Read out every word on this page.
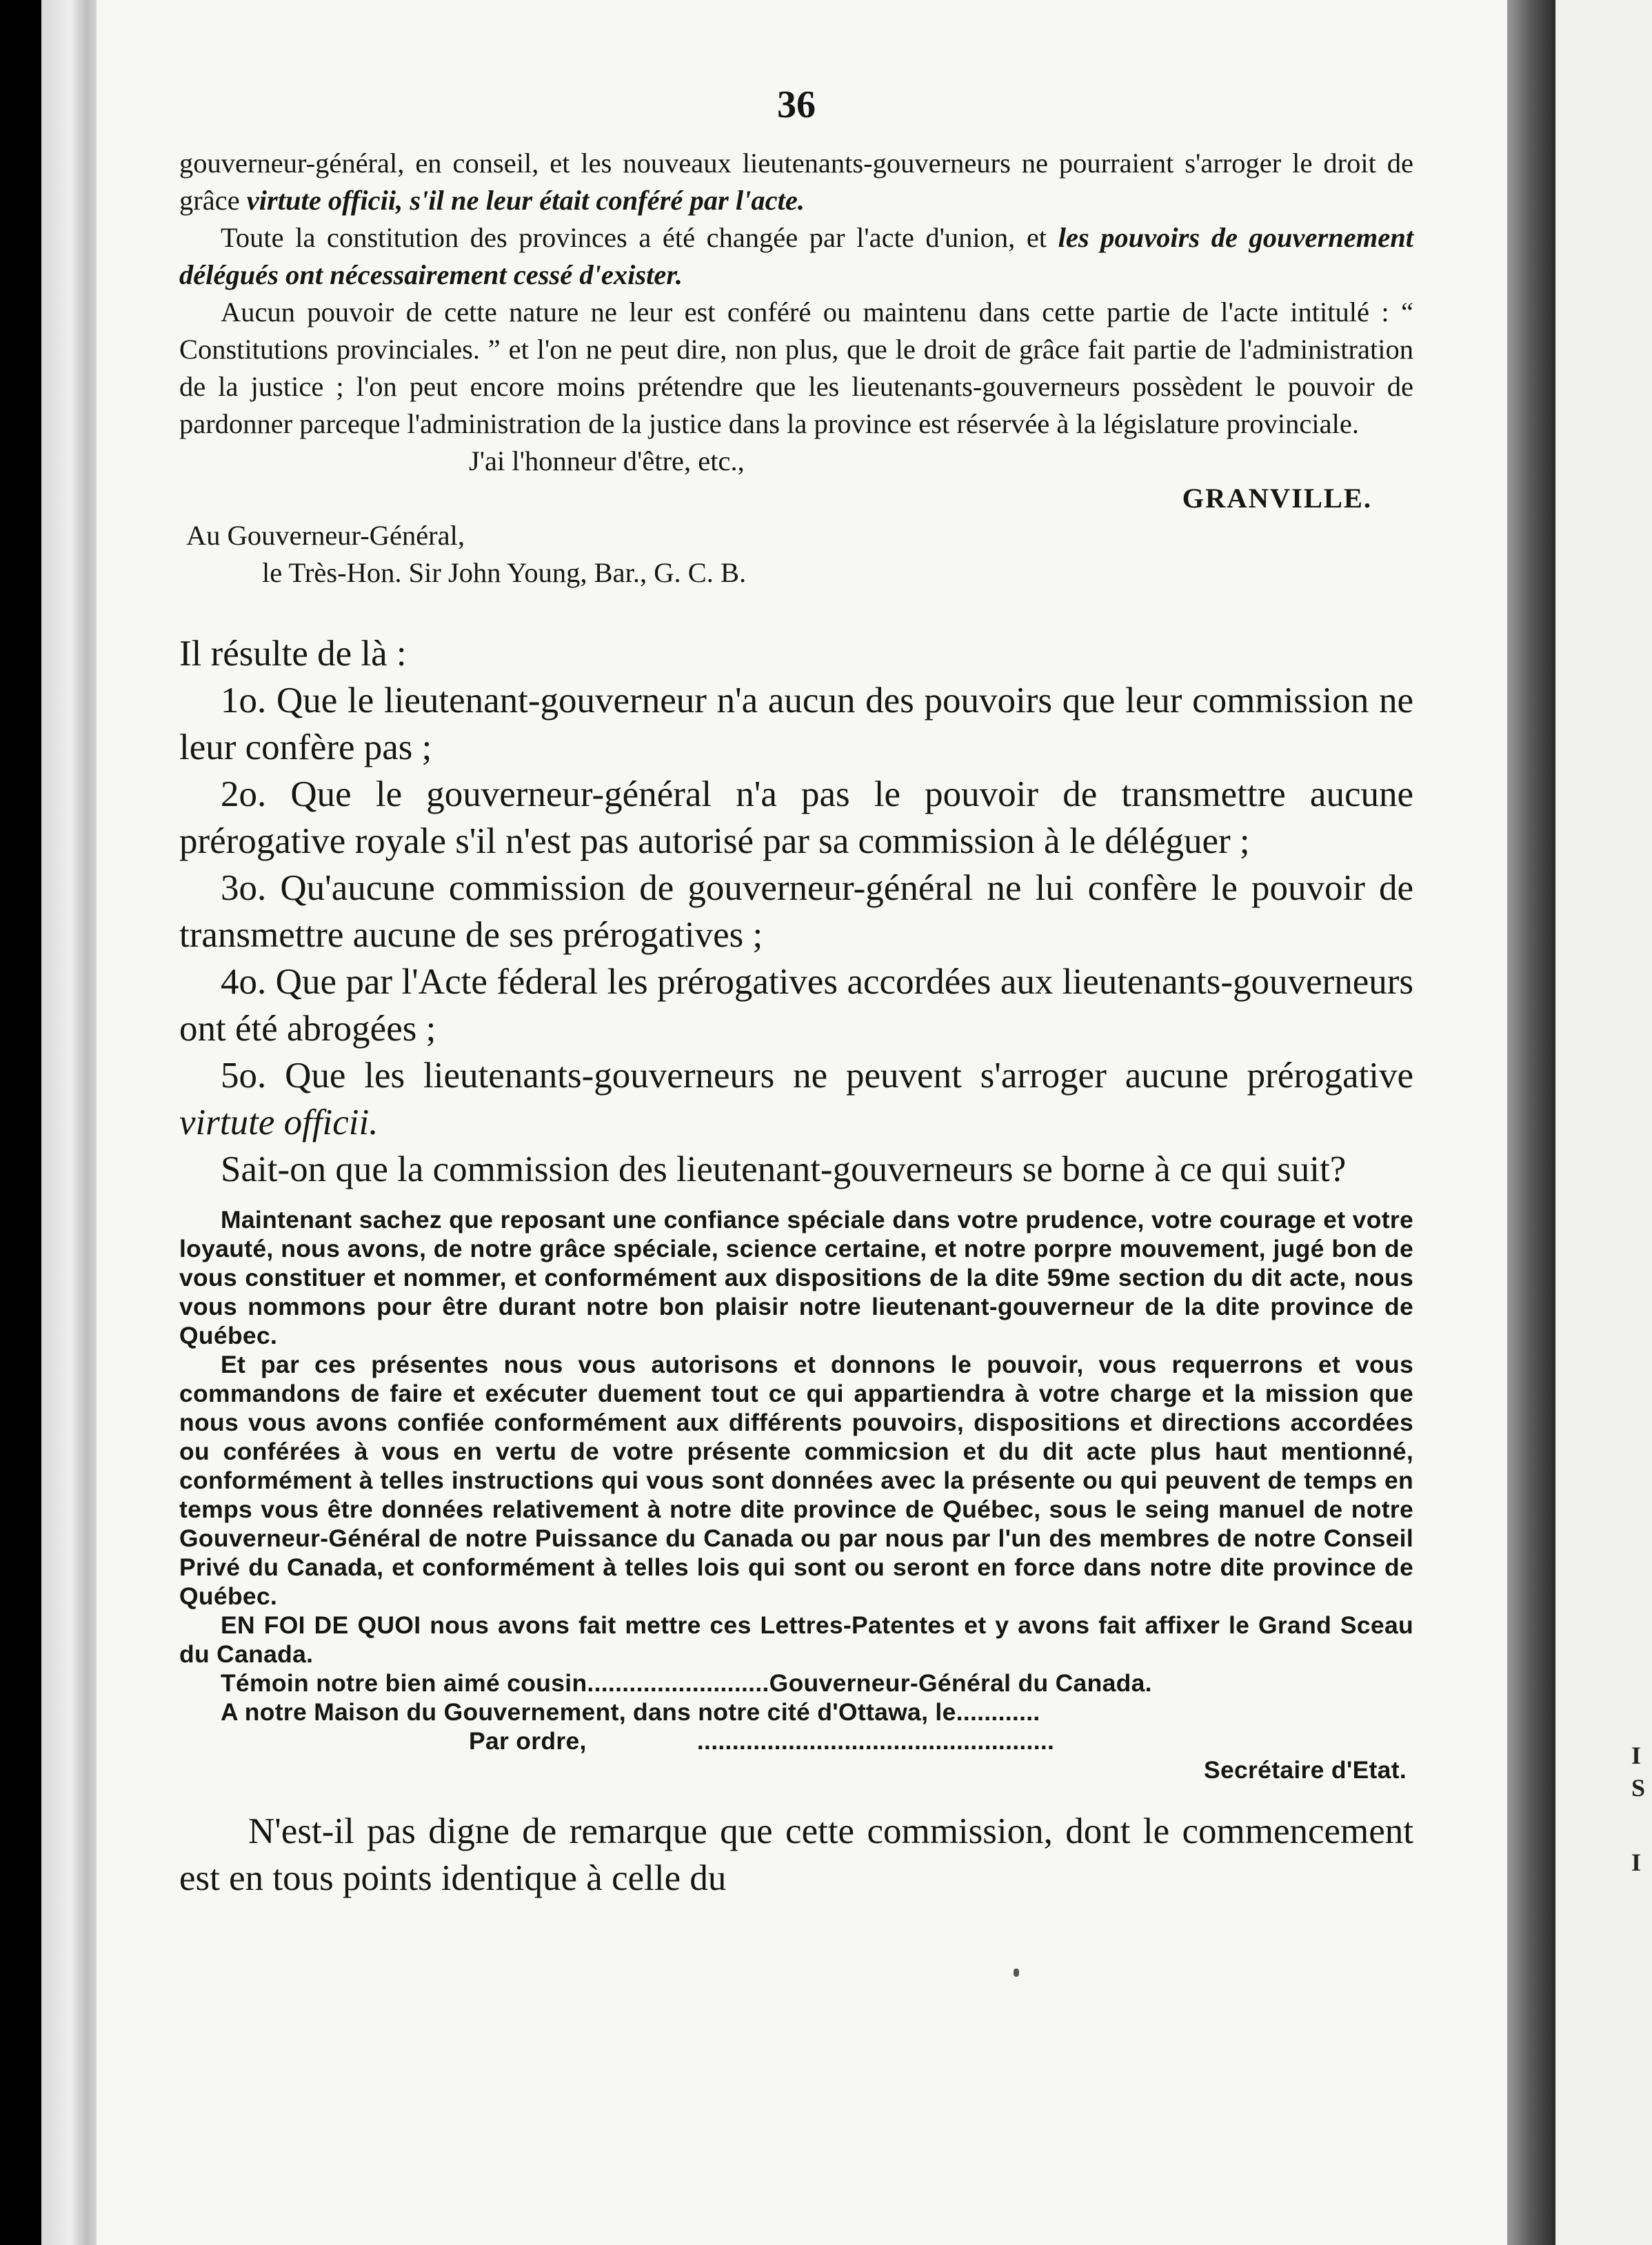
I
S
I
36

gouverneur-général, en conseil, et les nouveaux lieutenants-gouverneurs ne pourraient s'arroger le droit de grâce virtute officii, s'il ne leur était conféré par l'acte.

Toute la constitution des provinces a été changée par l'acte d'union, et les pouvoirs de gouvernement délégués ont nécessairement cessé d'exister.

Aucun pouvoir de cette nature ne leur est conféré ou maintenu dans cette partie de l'acte intitulé : “ Constitutions provinciales. ” et l'on ne peut dire, non plus, que le droit de grâce fait partie de l'administration de la justice ; l'on peut encore moins prétendre que les lieutenants-gouverneurs possèdent le pouvoir de pardonner parceque l'administration de la justice dans la province est réservée à la législature provinciale.

J'ai l'honneur d'être, etc.,

GRANVILLE.

Au Gouverneur-Général,

le Très-Hon. Sir John Young, Bar., G. C. B.

Il résulte de là :

1o. Que le lieutenant-gouverneur n'a aucun des pouvoirs que leur commission ne leur confère pas ;

2o. Que le gouverneur-général n'a pas le pouvoir de transmettre aucune prérogative royale s'il n'est pas autorisé par sa commission à le déléguer ;

3o. Qu'aucune commission de gouverneur-général ne lui confère le pouvoir de transmettre aucune de ses prérogatives ;

4o. Que par l'Acte féderal les prérogatives accordées aux lieutenants-gouverneurs ont été abrogées ;

5o. Que les lieutenants-gouverneurs ne peuvent s'arroger aucune prérogative virtute officii.

Sait-on que la commission des lieutenant-gouverneurs se borne à ce qui suit?

Maintenant sachez que reposant une confiance spéciale dans votre prudence, votre courage et votre loyauté, nous avons, de notre grâce spéciale, science certaine, et notre porpre mouvement, jugé bon de vous constituer et nommer, et conformément aux dispositions de la dite 59me section du dit acte, nous vous nommons pour être durant notre bon plaisir notre lieutenant-gouverneur de la dite province de Québec.

Et par ces présentes nous vous autorisons et donnons le pouvoir, vous requerrons et vous commandons de faire et exécuter duement tout ce qui appartiendra à votre charge et la mission que nous vous avons confiée conformément aux différents pouvoirs, dispositions et directions accordées ou conférées à vous en vertu de votre présente commicsion et du dit acte plus haut mentionné, conformément à telles instructions qui vous sont données avec la présente ou qui peuvent de temps en temps vous être données relativement à notre dite province de Québec, sous le seing manuel de notre Gouverneur-Général de notre Puissance du Canada ou par nous par l'un des membres de notre Conseil Privé du Canada, et conformément à telles lois qui sont ou seront en force dans notre dite province de Québec.

EN FOI DE QUOI nous avons fait mettre ces Lettres-Patentes et y avons fait affixer le Grand Sceau du Canada.

Témoin notre bien aimé cousin..........................Gouverneur-Général du Canada.

A notre Maison du Gouvernement, dans notre cité d'Ottawa, le............

Par ordre,	...................................................

Secrétaire d'Etat.

N'est-il pas digne de remarque que cette commission, dont le commencement est en tous points identique à celle du
